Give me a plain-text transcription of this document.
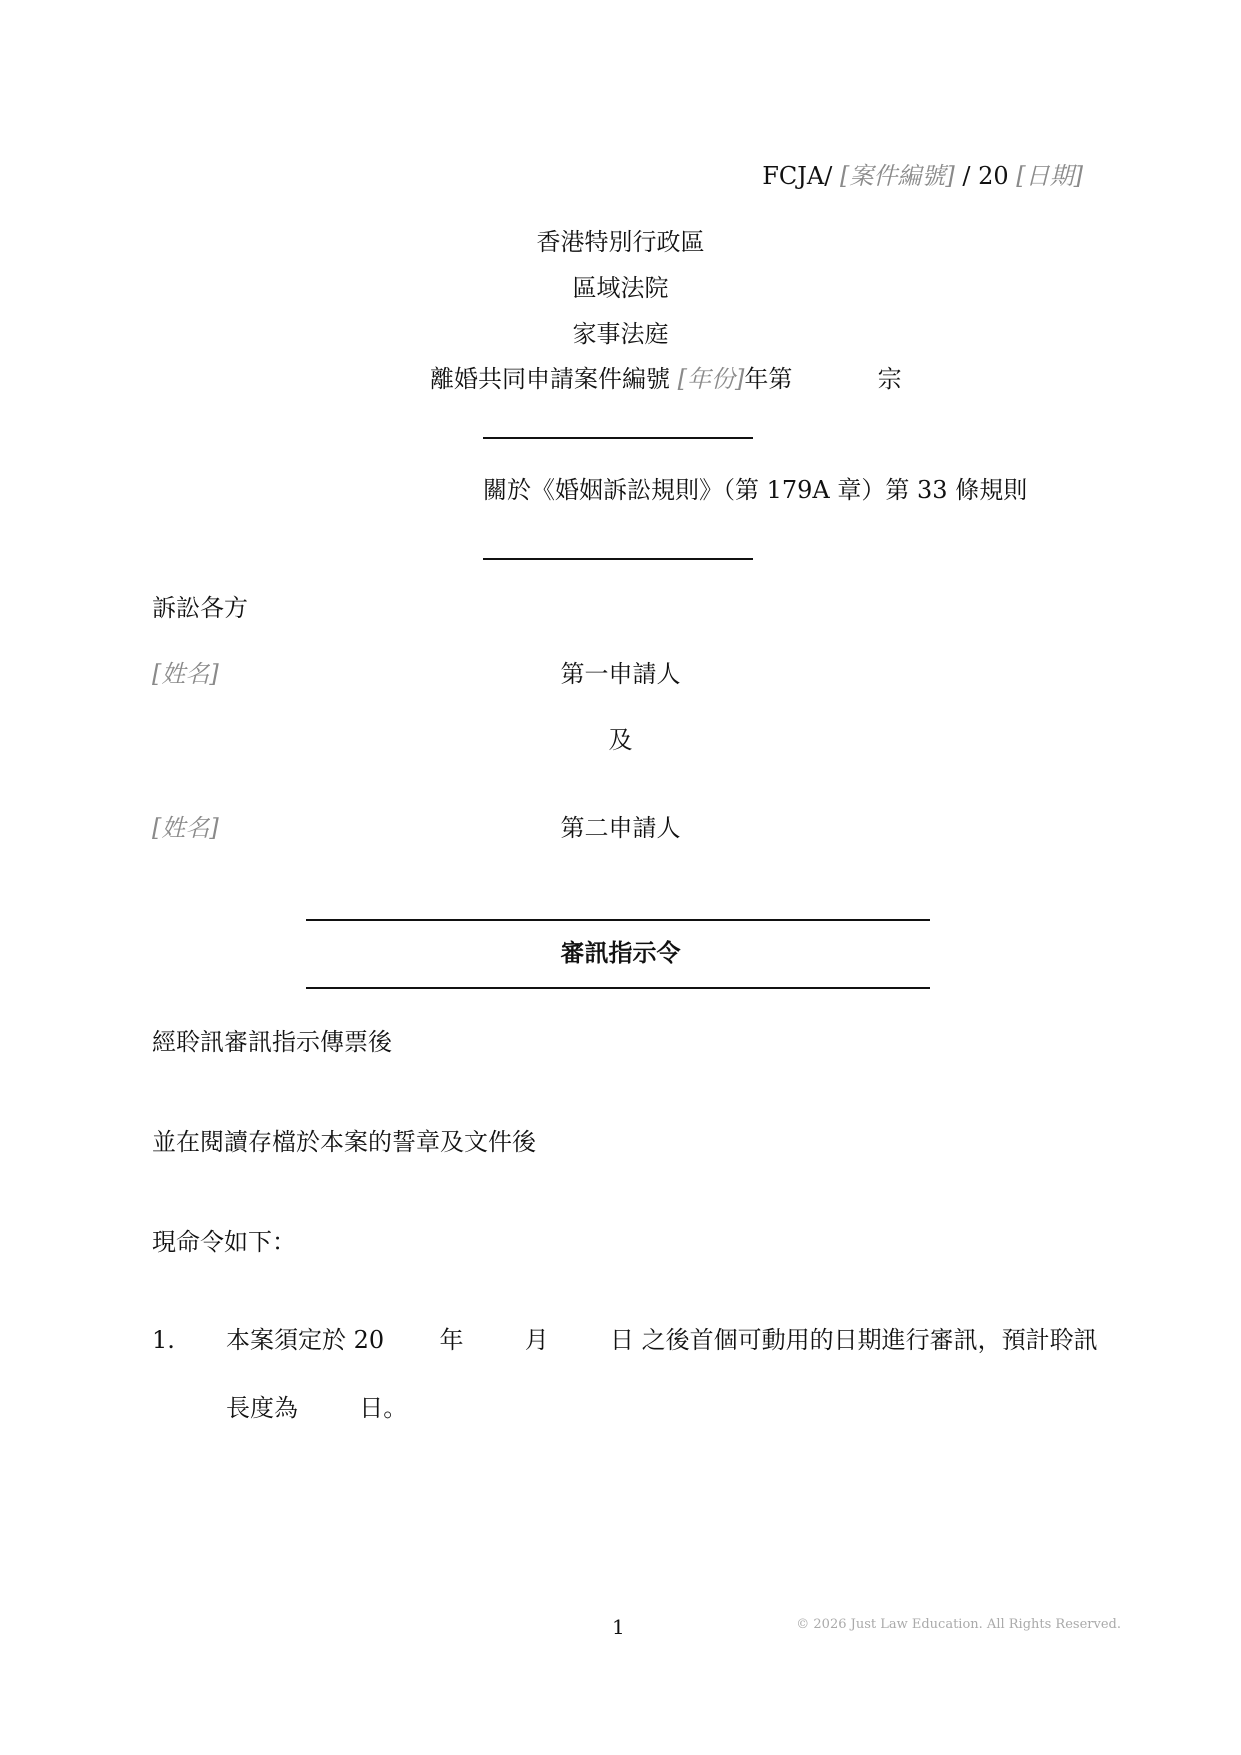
FCJA/ [案件編號] / 20 [日期]
香港特別行政區
區域法院
家事法庭
離婚共同申請案件編號 [年份]年第	宗
關於《婚姻訴訟規則》（第 179A 章）第 33 條規則
訴訟各方
[姓名]	第一申請人
及
[姓名]	第二申請人
審訊指示令
經聆訊審訊指示傳票後
並在閱讀存檔於本案的誓章及文件後
現命令如下：
1. 本案須定於 20 年	月	日 之後首個可動用的日期進行審訊，預計聆訊
長度為	日。
1	© 2026 Just Law Education. All Rights Reserved.
